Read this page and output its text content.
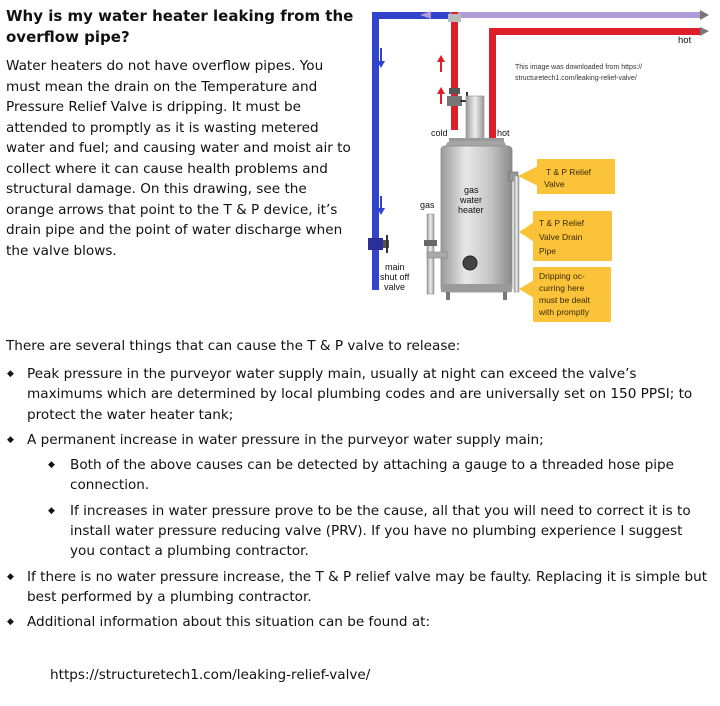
Why is my water heater leaking from the overflow pipe?

Water heaters do not have overflow pipes. You must mean the drain on the Temperature and Pressure Relief Valve is dripping. It must be attended to promptly as it is wasting metered water and fuel; and causing water and moist air to collect where it can cause health problems and structural damage. On this drawing, see the orange arrows that point to the T & P device, it’s drain pipe and the point of water discharge when the valve blows.

hot
main
shut off
valve
This image was downloaded from https://
structuretech1.com/leaking-relief-valve/
cold	hot
gas
water
heater
gas
T & P Relief
Valve
T & P Relief
Valve Drain
Pipe
Dripping oc-
curring here
must be dealt
with promptly

There are several things that can cause the T & P valve to release:

◆ Peak pressure in the purveyor water supply main, usually at night can exceed the valve’s maximums which are determined by local plumbing codes and are universally set on 150 PPSI; to protect the water heater tank;
◆ A permanent increase in water pressure in the purveyor water supply main;
◆ Both of the above causes can be detected by attaching a gauge to a threaded hose pipe connection.
◆ If increases in water pressure prove to be the cause, all that you will need to correct it is to install water pressure reducing valve (PRV). If you have no plumbing experience I suggest you contact a plumbing contractor.
◆ If there is no water pressure increase, the T & P relief valve may be faulty. Replacing it is simple but best performed by a plumbing contractor.
◆ Additional information about this situation can be found at:

https://structuretech1.com/leaking-relief-valve/
